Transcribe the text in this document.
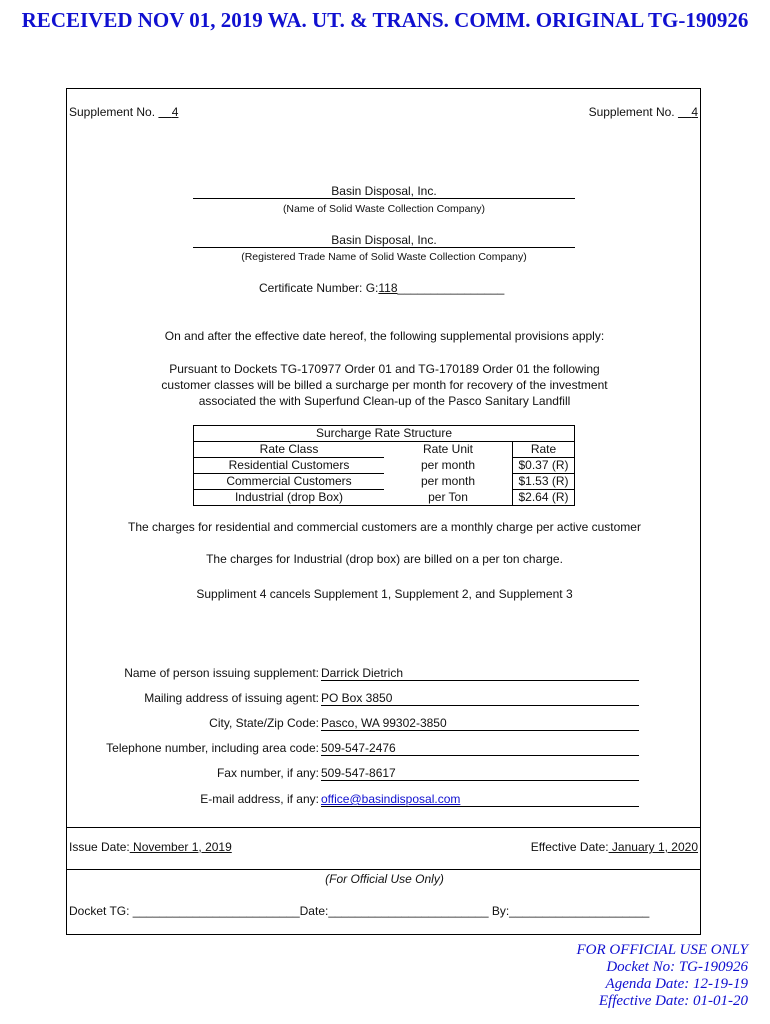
RECEIVED NOV 01, 2019 WA. UT. & TRANS. COMM. ORIGINAL TG-190926
Supplement No. 4	Supplement No. 4
Basin Disposal, Inc.
(Name of Solid Waste Collection Company)
Basin Disposal, Inc.
(Registered Trade Name of Solid Waste Collection Company)
Certificate Number: G:118________________
On and after the effective date hereof, the following supplemental provisions apply:
Pursuant to Dockets TG-170977 Order 01 and TG-170189 Order 01 the following
customer classes will be billed a surcharge per month for recovery of the investment
associated the with Superfund Clean-up of the Pasco Sanitary Landfill
Surcharge Rate Structure		
Rate Class	Rate Unit	Rate
Residential Customers	per month	$0.37 (R)
Commercial Customers	per month	$1.53 (R)
Industrial (drop Box)	per Ton	$2.64 (R)
The charges for residential and commercial customers are a monthly charge per active customer
The charges for Industrial (drop box) are billed on a per ton charge.
Suppliment 4 cancels Supplement 1, Supplement 2, and Supplement 3
Name of person issuing supplement: Darrick Dietrich
Mailing address of issuing agent: PO Box 3850
City, State/Zip Code: Pasco, WA 99302-3850
Telephone number, including area code: 509-547-2476
Fax number, if any: 509-547-8617
E-mail address, if any: office@basindisposal.com
Issue Date: November 1, 2019	Effective Date: January 1, 2020
(For Official Use Only)
Docket TG: _________________________Date:________________________ By:_____________________
FOR OFFICIAL USE ONLY
Docket No: TG-190926
Agenda Date: 12-19-19
Effective Date: 01-01-20
